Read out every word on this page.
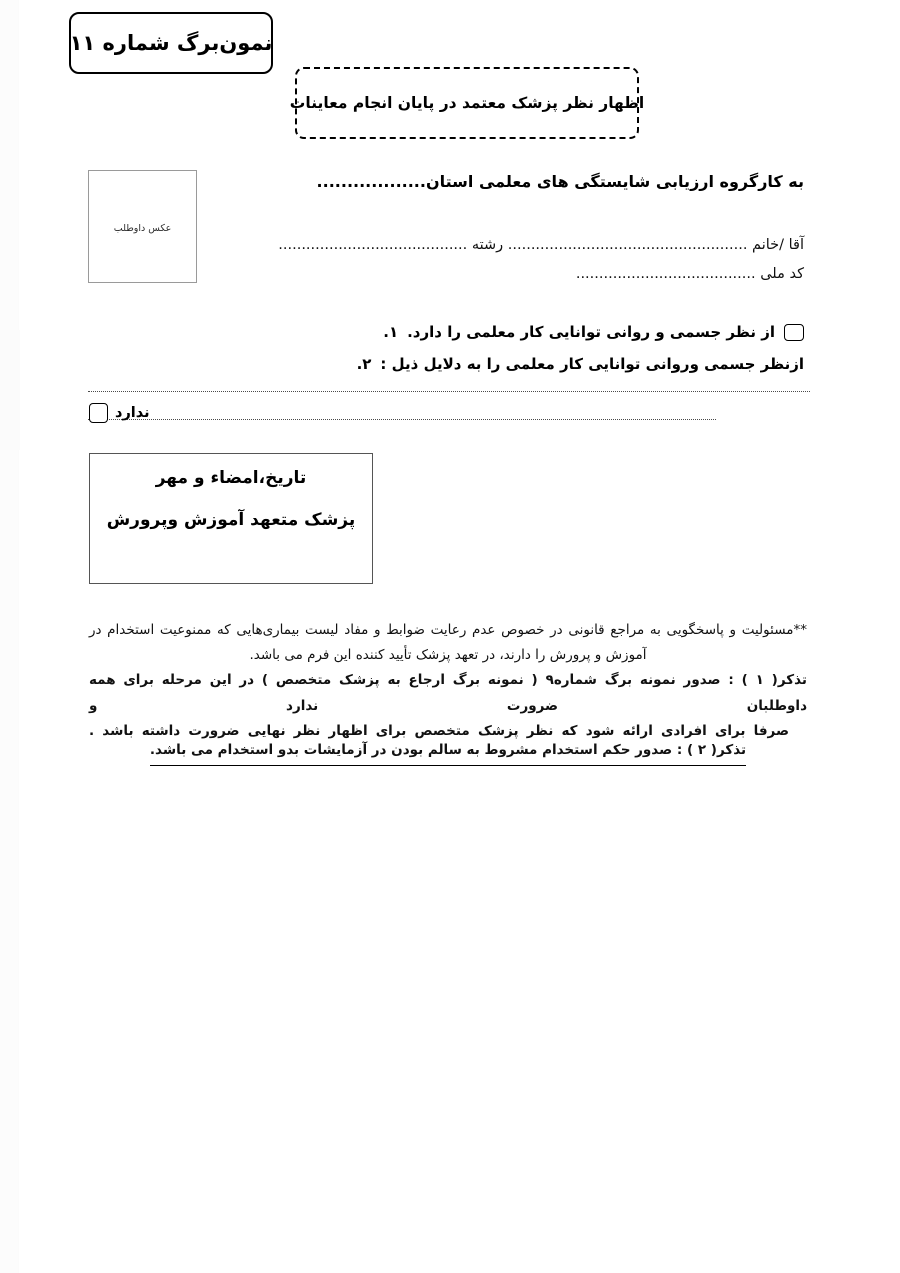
نمون‌برگ شماره ۱۱
اظهار نظر پزشک معتمد در پایان انجام معاینات
عکس داوطلب
به کارگروه ارزیابی شایستگی های معلمی استان..................
آقا /خانم .................................................... رشته .........................................
کد ملی .......................................
از نظر جسمی و روانی توانایی کار معلمی را دارد.
۱.
ازنظر جسمی وروانی توانایی کار معلمی را به دلایل ذیل :
۲.
ندارد
تاریخ،امضاء و مهر
پزشک متعهد آموزش وپرورش
**مسئولیت و پاسخگویی به مراجع قانونی در خصوص عدم رعایت ضوابط و مفاد لیست بیماری‌هایی که ممنوعیت استخدام در آموزش و پرورش را دارند، در تعهد پزشک تأیید کننده این فرم می باشد.
تذکر( ۱ ) : صدور نمونه برگ شماره۹ ( نمونه برگ ارجاع به پزشک متخصص ) در این مرحله برای همه داوطلبان ضرورت ندارد و
صرفا برای افرادی ارائه شود که نظر پزشک متخصص برای اظهار نظر نهایی ضرورت داشته باشد .
تذکر( ۲ ) : صدور حکم استخدام مشروط به سالم بودن در آزمایشات بدو استخدام می باشد.
